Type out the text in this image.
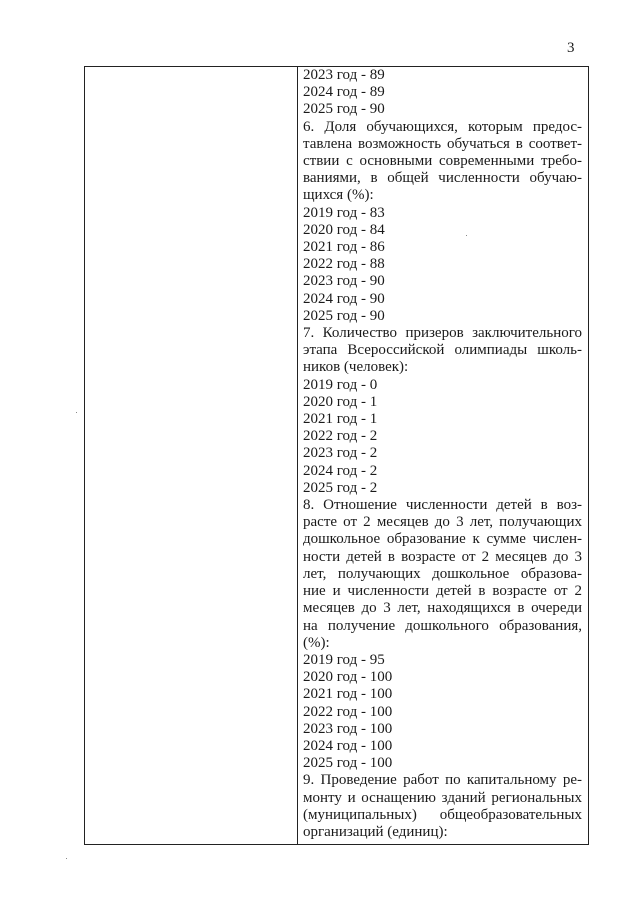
3
2023 год - 89
2024 год - 89
2025 год - 90
6. Доля обучающихся, которым предос-
тавлена возможность обучаться в соответ-
ствии с основными современными требо-
ваниями, в общей численности обучаю-
щихся (%):
2019 год - 83
2020 год - 84
2021 год - 86
2022 год - 88
2023 год - 90
2024 год - 90
2025 год - 90
7. Количество призеров заключительного
этапа Всероссийской олимпиады школь-
ников (человек):
2019 год - 0
2020 год - 1
2021 год - 1
2022 год - 2
2023 год - 2
2024 год - 2
2025 год - 2
8. Отношение численности детей в воз-
расте от 2 месяцев до 3 лет, получающих
дошкольное образование к сумме числен-
ности детей в возрасте от 2 месяцев до 3
лет, получающих дошкольное образова-
ние и численности детей в возрасте от 2
месяцев до 3 лет, находящихся в очереди
на получение дошкольного образования,
(%):
2019 год - 95
2020 год - 100
2021 год - 100
2022 год - 100
2023 год - 100
2024 год - 100
2025 год - 100
9. Проведение работ по капитальному ре-
монту и оснащению зданий региональных
(муниципальных) общеобразовательных
организаций (единиц):
